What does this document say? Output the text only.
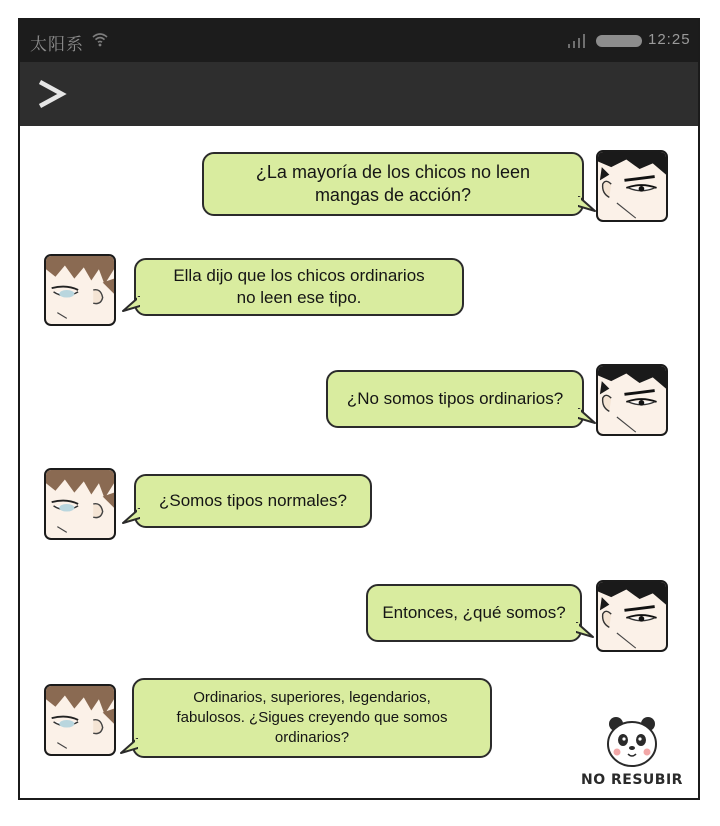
太阳系	12:25
¿La mayoría de los chicos no leen mangas de acción?
Ella dijo que los chicos ordinarios no leen ese tipo.
¿No somos tipos ordinarios?
¿Somos tipos normales?
Entonces, ¿qué somos?
Ordinarios, superiores, legendarios, fabulosos. ¿Sigues creyendo que somos ordinarios?
NO RESUBIR
